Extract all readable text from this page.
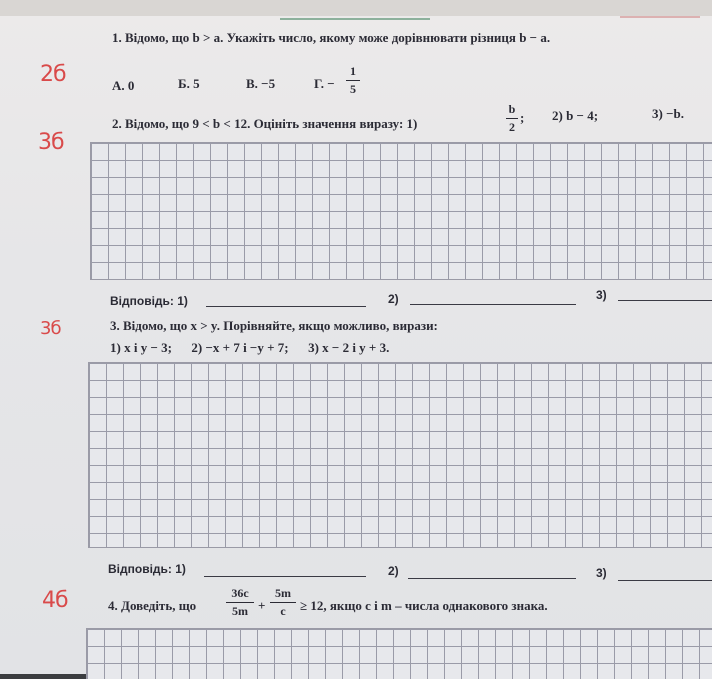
2б
3б
3б
4б
1. Відомо, що b > a. Укажіть число, якому може дорівнювати різниця b − a.
А. 0	Б. 5	В. −5	Г. −
1
5
2. Відомо, що 9 < b < 12. Оцініть значення виразу: 1)
b
2
; 2) b − 4;	3) −b.
Відповідь: 1)	2)	3)
3. Відомо, що x > y. Порівняйте, якщо можливо, вирази:
1) x і y − 3;      2) −x + 7 і −y + 7;      3) x − 2 і y + 3.
Відповідь: 1)	2)	3)
4. Доведіть, що
36c
5m +
5m
c	≥ 12, якщо c і m – числа однакового знака.
